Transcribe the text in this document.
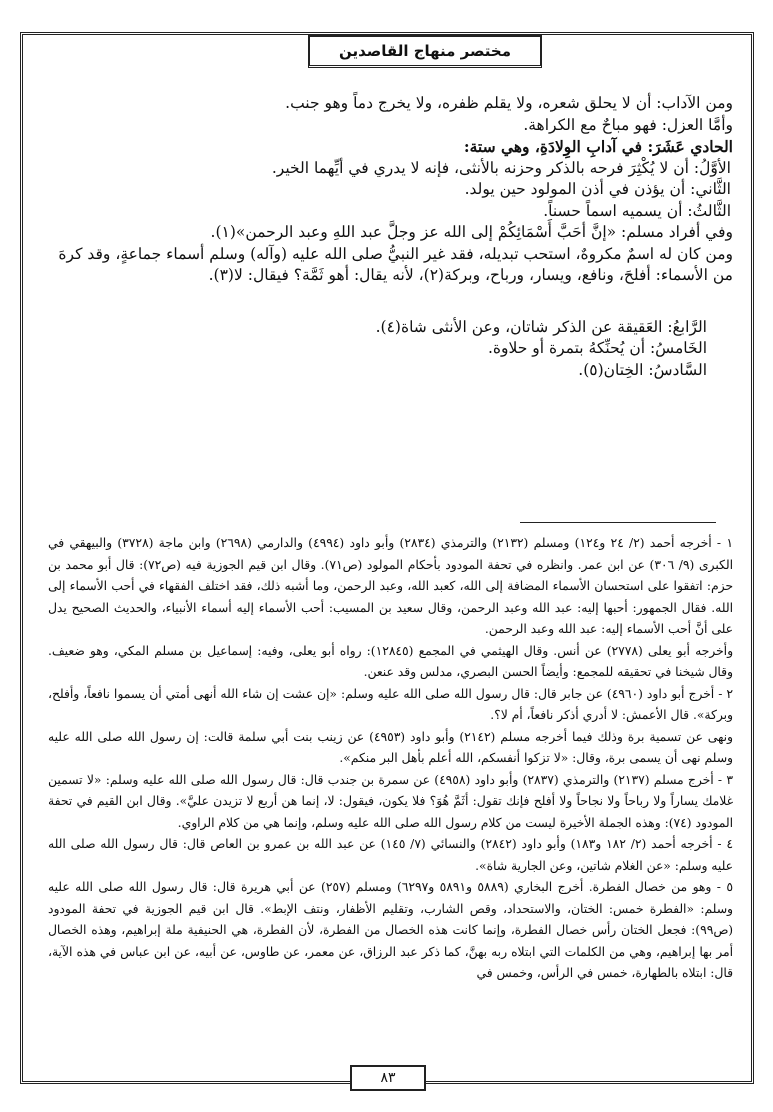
مختصر منهاج القاصدين

ومن الآداب: أن لا يحلق شعره، ولا يقلم ظفره، ولا يخرج دماً وهو جنب.

وأمَّا العزل: فهو مباحٌ مع الكراهة.

الحادي عَشَرَ: في آدابِ الوِلادَةِ، وهي ستة:

الأوَّلُ: أن لا يُكْثِرَ فرحه بالذكر وحزنه بالأنثى، فإنه لا يدري في أيِّهما الخير.

الثَّاني: أن يؤذن في أذن المولود حين يولد.

الثَّالثُ: أن يسميه اسماً حسناً.

وفي أفراد مسلم: «إنَّ أحَبَّ أَسْمَائِكُمْ إلى الله عز وجلَّ عبد اللهِ وعبد الرحمن»(١).

ومن كان له اسمٌ مكروهٌ، استحب تبديله، فقد غير النبيُّ صلى الله عليه (وآله) وسلم أسماء جماعةٍ، وقد كرهَ من الأسماء: أفلحَ، ونافع، ويسار، ورباح، وبركة(٢)، لأنه يقال: أهو ثَمَّة؟ فيقال: لا(٣).

الرَّابعُ: العَقيقة عن الذكر شاتان، وعن الأنثى شاة(٤).

الخَامسُ: أن يُحنِّكهُ بتمرة أو حلاوة.

السَّادسُ: الخِتان(٥).

١ - أخرجه أحمد (٢/ ٢٤ و١٢٤) ومسلم (٢١٣٢) والترمذي (٢٨٣٤) وأبو داود (٤٩٩٤) والدارمي (٢٦٩٨) وابن ماجة (٣٧٢٨) والبيهقي في الكبرى (٩/ ٣٠٦) عن ابن عمر. وانظره في تحفة المودود بأحكام المولود (ص٧١). وقال ابن قيم الجوزية فيه (ص٧٢): قال أبو محمد بن حزم: اتفقوا على استحسان الأسماء المضافة إلى الله، كعبد الله، وعبد الرحمن، وما أشبه ذلك، فقد اختلف الفقهاء في أحب الأسماء إلى الله. فقال الجمهور: أحبها إليه: عبد الله وعبد الرحمن، وقال سعيد بن المسيب: أحب الأسماء إليه أسماء الأنبياء، والحديث الصحيح يدل على أنَّ أحب الأسماء إليه: عبد الله وعبد الرحمن.

وأخرجه أبو يعلى (٢٧٧٨) عن أنس. وقال الهيثمي في المجمع (١٢٨٤٥): رواه أبو يعلى، وفيه: إسماعيل بن مسلم المكي، وهو ضعيف. وقال شيخنا في تحقيقه للمجمع: وأيضاً الحسن البصري، مدلس وقد عنعن.

٢ - أخرج أبو داود (٤٩٦٠) عن جابر قال: قال رسول الله صلى الله عليه وسلم: «إن عشت إن شاء الله أنهى أمتي أن يسموا نافعاً، وأفلح، وبركة». قال الأعمش: لا أدري أذكر نافعاً، أم لا؟.

ونهى عن تسمية برة وذلك فيما أخرجه مسلم (٢١٤٢) وأبو داود (٤٩٥٣) عن زينب بنت أبي سلمة قالت: إن رسول الله صلى الله عليه وسلم نهى أن يسمى برة، وقال: «لا تزكوا أنفسكم، الله أعلم بأهل البر منكم».

٣ - أخرج مسلم (٢١٣٧) والترمذي (٢٨٣٧) وأبو داود (٤٩٥٨) عن سمرة بن جندب قال: قال رسول الله صلى الله عليه وسلم: «لا تسمين غلامك يساراً ولا رباحاً ولا نجاحاً ولا أفلح فإنك تقول: أثَمَّ هُوَ؟ فلا يكون، فيقول: لا، إنما هن أربع لا تزيدن عليَّ». وقال ابن القيم في تحفة المودود (٧٤): وهذه الجملة الأخيرة ليست من كلام رسول الله صلى الله عليه وسلم، وإنما هي من كلام الراوي.

٤ - أخرجه أحمد (٢/ ١٨٢ و١٨٣) وأبو داود (٢٨٤٢) والنسائي (٧/ ١٤٥) عن عبد الله بن عمرو بن العاص قال: قال رسول الله صلى الله عليه وسلم: «عن الغلام شاتين، وعن الجارية شاة».

٥ - وهو من خصال الفطرة. أخرج البخاري (٥٨٨٩ و٥٨٩١ و٦٢٩٧) ومسلم (٢٥٧) عن أبي هريرة قال: قال رسول الله صلى الله عليه وسلم: «الفطرة خمس: الختان، والاستحداد، وقص الشارب، وتقليم الأظفار، ونتف الإبط». قال ابن قيم الجوزية في تحفة المودود (ص٩٩): فجعل الختان رأس خصال الفطرة، وإنما كانت هذه الخصال من الفطرة، لأن الفطرة، هي الحنيفية ملة إبراهيم، وهذه الخصال أمر بها إبراهيم، وهي من الكلمات التي ابتلاه ربه بهنَّ، كما ذكر عبد الرزاق، عن معمر، عن طاوس، عن أبيه، عن ابن عباس في هذه الآية، قال: ابتلاه بالطهارة، خمس في الرأس، وخمس في

٨٣
